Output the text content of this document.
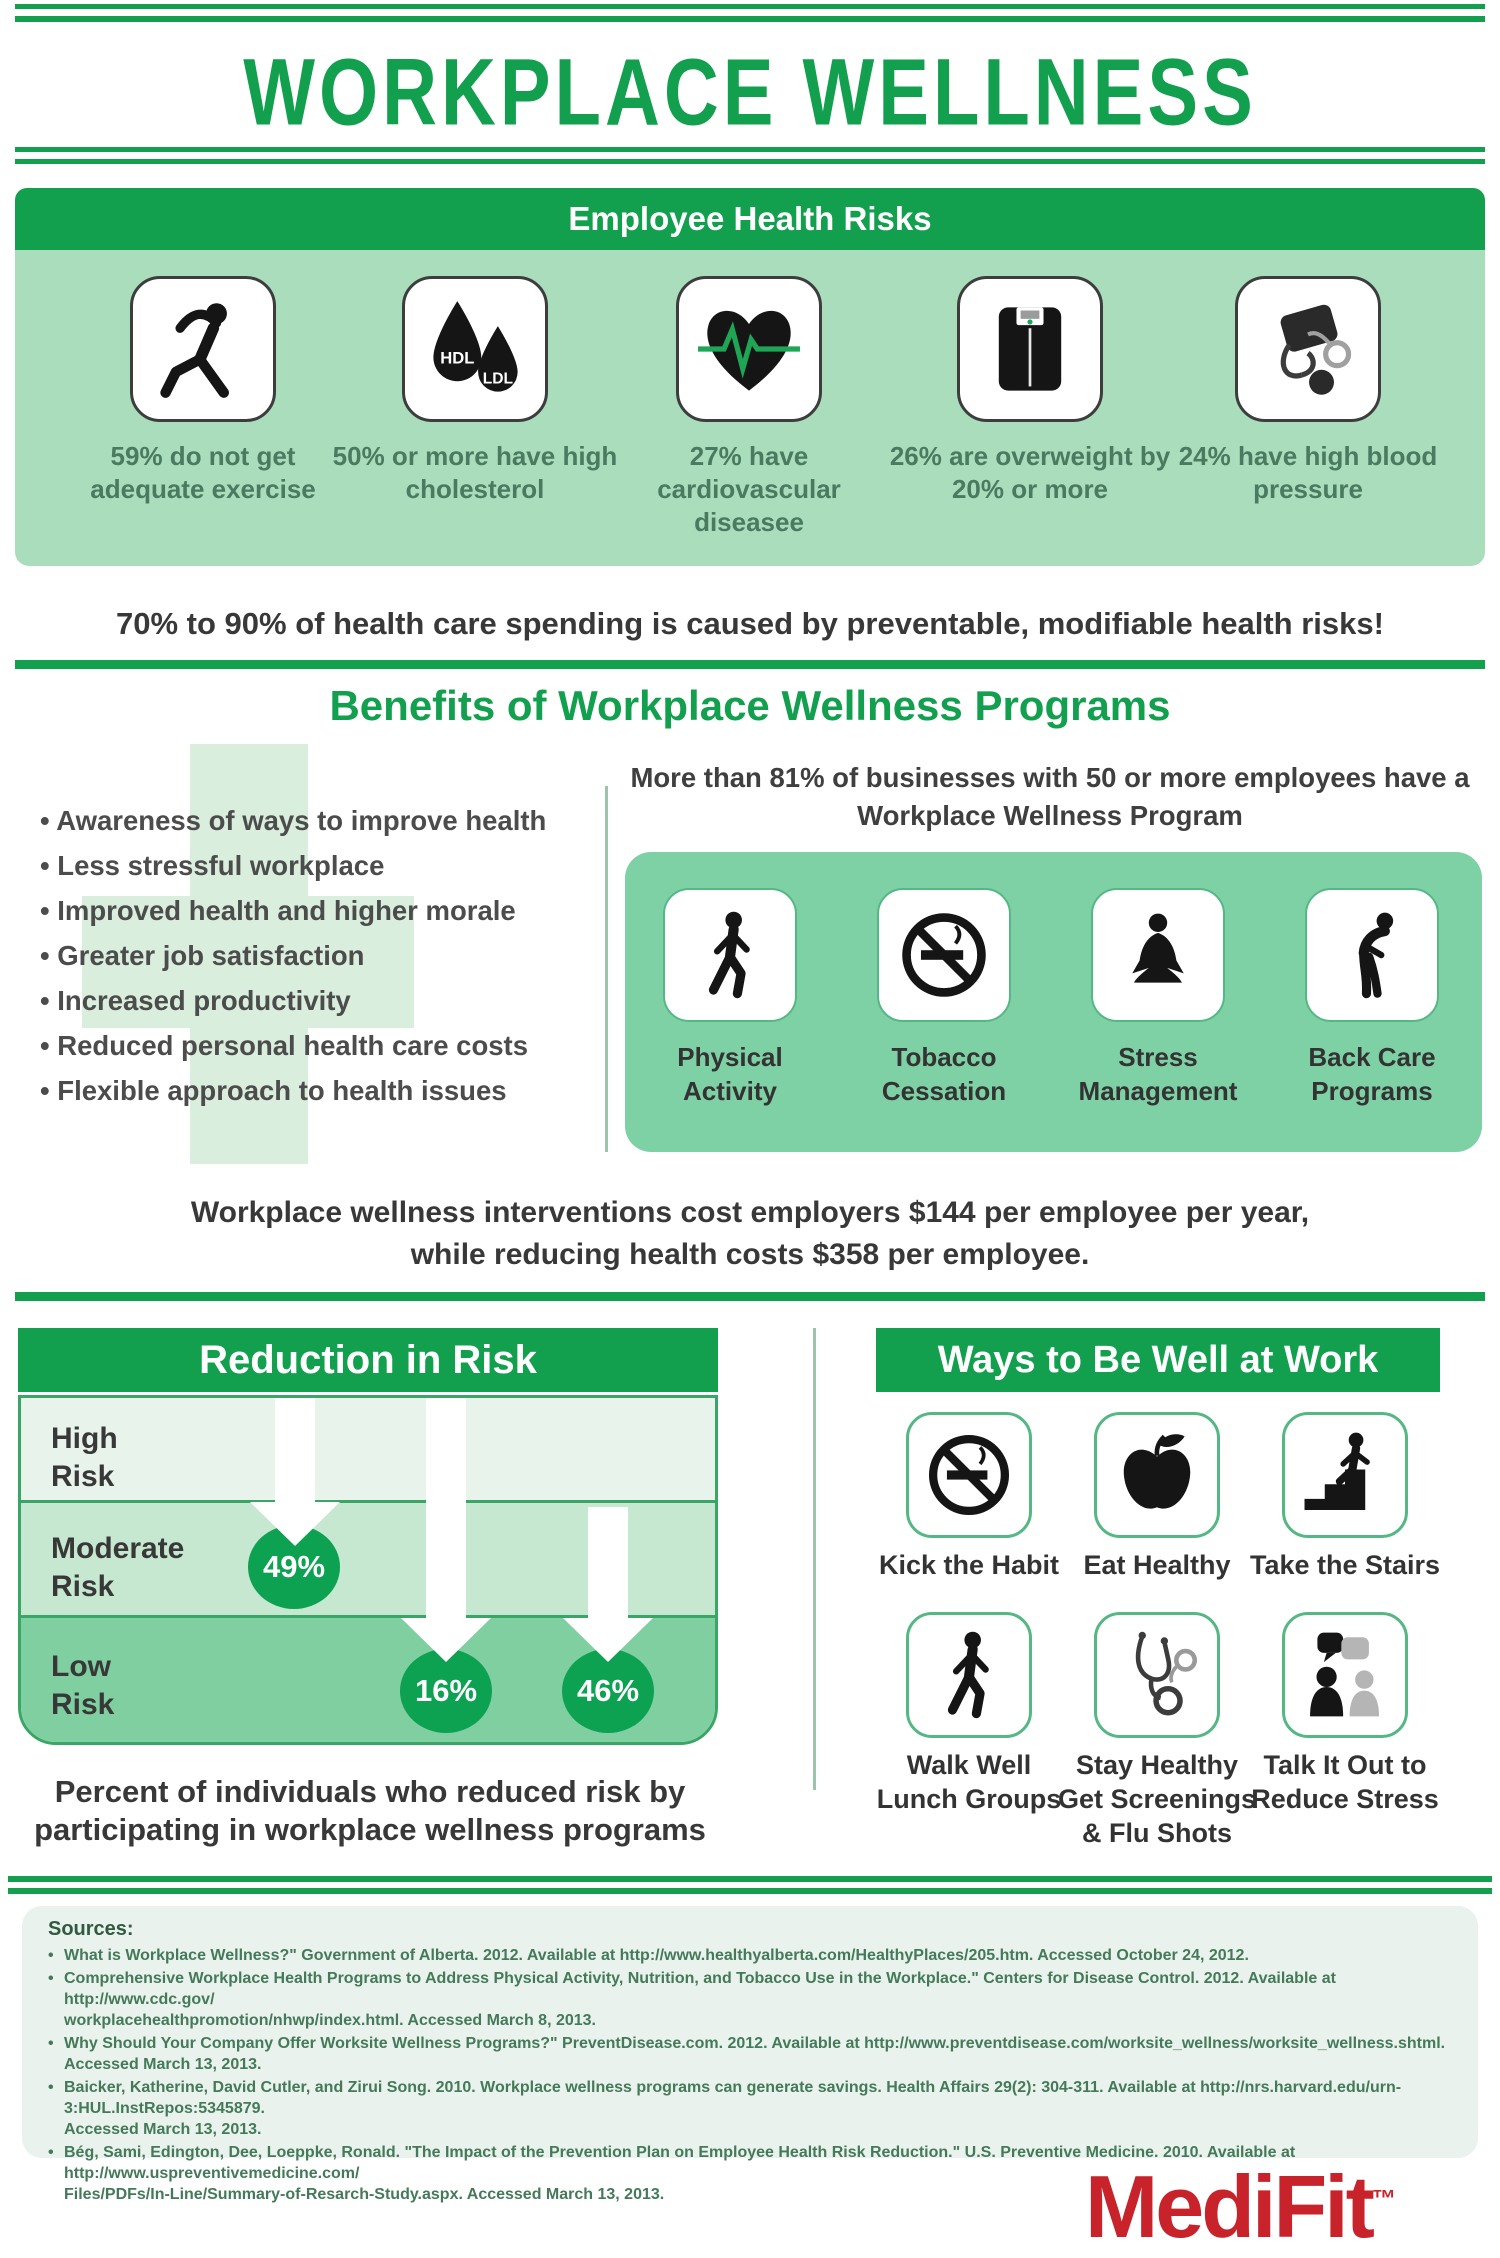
WORKPLACE WELLNESS
Employee Health Risks
HDL
LDL
59% do not get adequate exercise
50% or more have high cholesterol
27% have cardiovascular diseasee
26% are overweight by 20% or more
24% have high blood pressure
70% to 90% of health care spending is caused by preventable, modifiable health risks!
Benefits of Workplace Wellness Programs
• Awareness of ways to improve health
• Less stressful workplace
• Improved health and higher morale
• Greater job satisfaction
• Increased productivity
• Reduced personal health care costs
• Flexible approach to health issues
More than 81% of businesses with 50 or more employees have a
Workplace Wellness Program
Physical
Activity
Tobacco
Cessation
Stress
Management
Back Care
Programs
Workplace wellness interventions cost employers $144 per employee per year,
while reducing health costs $358 per employee.
Reduction in Risk
High
Risk
Moderate
Risk
Low
Risk
49%
16%	46%
Percent of individuals who reduced risk by
participating in workplace wellness programs
Ways to Be Well at Work
Kick the Habit Eat Healthy Take the Stairs
Walk Well
Lunch Groups
Stay Healthy
Get Screenings
& Flu Shots
Talk It Out to
Reduce Stress
Sources:
• What is Workplace Wellness?" Government of Alberta. 2012. Available at http://www.healthyalberta.com/HealthyPlaces/205.htm. Accessed October 24, 2012.
• Comprehensive Workplace Health Programs to Address Physical Activity, Nutrition, and Tobacco Use in the Workplace." Centers for Disease Control. 2012. Available at http://www.cdc.gov/
workplacehealthpromotion/nhwp/index.html. Accessed March 8, 2013.
• Why Should Your Company Offer Worksite Wellness Programs?" PreventDisease.com. 2012. Available at http://www.preventdisease.com/worksite_wellness/worksite_wellness.shtml.
Accessed March 13, 2013.
• Baicker, Katherine, David Cutler, and Zirui Song. 2010. Workplace wellness programs can generate savings. Health Affairs 29(2): 304-311. Available at http://nrs.harvard.edu/urn-3:HUL.InstRepos:5345879.
Accessed March 13, 2013.
• Bég, Sami, Edington, Dee, Loeppke, Ronald. "The Impact of the Prevention Plan on Employee Health Risk Reduction." U.S. Preventive Medicine. 2010. Available at http://www.uspreventivemedicine.com/
Files/PDFs/In-Line/Summary-of-Resarch-Study.aspx. Accessed March 13, 2013.	MediFit™
